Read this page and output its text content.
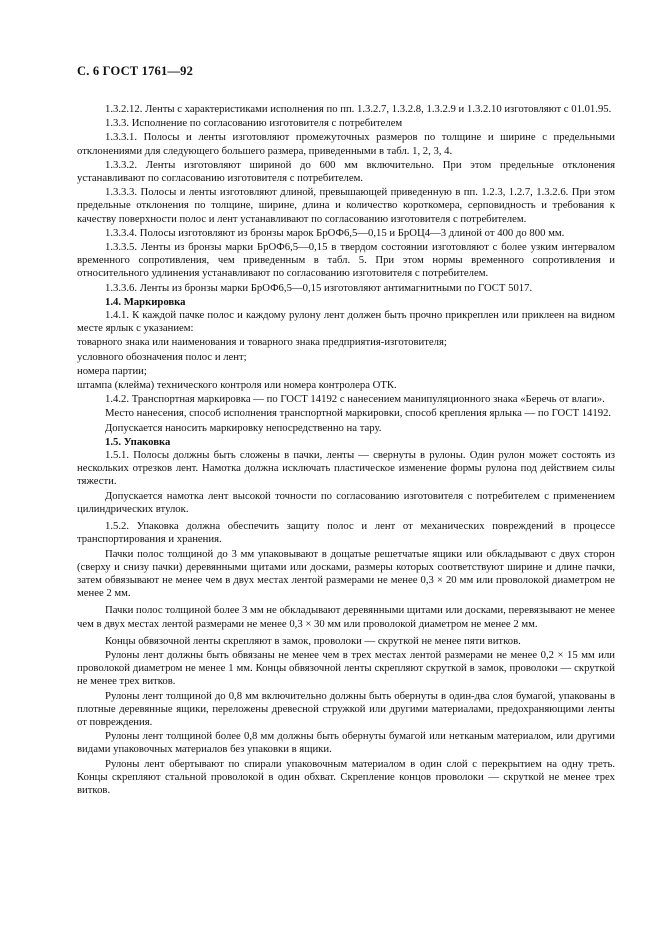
С. 6 ГОСТ 1761—92

1.3.2.12. Ленты с характеристиками исполнения по пп. 1.3.2.7, 1.3.2.8, 1.3.2.9 и 1.3.2.10 изготовляют с 01.01.95.

1.3.3. Исполнение по согласованию изготовителя с потребителем

1.3.3.1. Полосы и ленты изготовляют промежуточных размеров по толщине и ширине с предельными отклонениями для следующего большего размера, приведенными в табл. 1, 2, 3, 4.

1.3.3.2. Ленты изготовляют шириной до 600 мм включительно. При этом предельные отклонения устанавливают по согласованию изготовителя с потребителем.

1.3.3.3. Полосы и ленты изготовляют длиной, превышающей приведенную в пп. 1.2.3, 1.2.7, 1.3.2.6. При этом предельные отклонения по толщине, ширине, длина и количество короткомера, серповидность и требования к качеству поверхности полос и лент устанавливают по согласованию изготовителя с потребителем.

1.3.3.4. Полосы изготовляют из бронзы марок БрОФ6,5—0,15 и БрОЦ4—3 длиной от 400 до 800 мм.

1.3.3.5. Ленты из бронзы марки БрОФ6,5—0,15 в твердом состоянии изготовляют с более узким интервалом временного сопротивления, чем приведенным в табл. 5. При этом нормы временного сопротивления и относительного удлинения устанавливают по согласованию изготовителя с потребителем.

1.3.3.6. Ленты из бронзы марки БрОФ6,5—0,15 изготовляют антимагнитными по ГОСТ 5017.

1.4. Маркировка

1.4.1. К каждой пачке полос и каждому рулону лент должен быть прочно прикреплен или приклеен на видном месте ярлык с указанием:

товарного знака или наименования и товарного знака предприятия-изготовителя;

условного обозначения полос и лент;

номера партии;

штампа (клейма) технического контроля или номера контролера ОТК.

1.4.2. Транспортная маркировка — по ГОСТ 14192 с нанесением манипуляционного знака «Беречь от влаги».

Место нанесения, способ исполнения транспортной маркировки, способ крепления ярлыка — по ГОСТ 14192.

Допускается наносить маркировку непосредственно на тару.

1.5. Упаковка

1.5.1. Полосы должны быть сложены в пачки, ленты — свернуты в рулоны. Один рулон может состоять из нескольких отрезков лент. Намотка должна исключать пластическое изменение формы рулона под действием силы тяжести.

Допускается намотка лент высокой точности по согласованию изготовителя с потребителем с применением цилиндрических втулок.

1.5.2. Упаковка должна обеспечить защиту полос и лент от механических повреждений в процессе транспортирования и хранения.

Пачки полос толщиной до 3 мм упаковывают в дощатые решетчатые ящики или обкладывают с двух сторон (сверху и снизу пачки) деревянными щитами или досками, размеры которых соответствуют ширине и длине пачки, затем обвязывают не менее чем в двух местах лентой размерами не менее 0,3 × 20 мм или проволокой диаметром не менее 2 мм.

Пачки полос толщиной более 3 мм не обкладывают деревянными щитами или досками, перевязывают не менее чем в двух местах лентой размерами не менее 0,3 × 30 мм или проволокой диаметром не менее 2 мм.

Концы обвязочной ленты скрепляют в замок, проволоки — скруткой не менее пяти витков.

Рулоны лент должны быть обвязаны не менее чем в трех местах лентой размерами не менее 0,2 × 15 мм или проволокой диаметром не менее 1 мм. Концы обвязочной ленты скрепляют скруткой в замок, проволоки — скруткой не менее трех витков.

Рулоны лент толщиной до 0,8 мм включительно должны быть обернуты в один-два слоя бумагой, упакованы в плотные деревянные ящики, переложены древесной стружкой или другими материалами, предохраняющими ленты от повреждения.

Рулоны лент толщиной более 0,8 мм должны быть обернуты бумагой или нетканым материалом, или другими видами упаковочных материалов без упаковки в ящики.

Рулоны лент обертывают по спирали упаковочным материалом в один слой с перекрытием на одну треть. Концы скрепляют стальной проволокой в один обхват. Скрепление концов проволоки — скруткой не менее трех витков.
